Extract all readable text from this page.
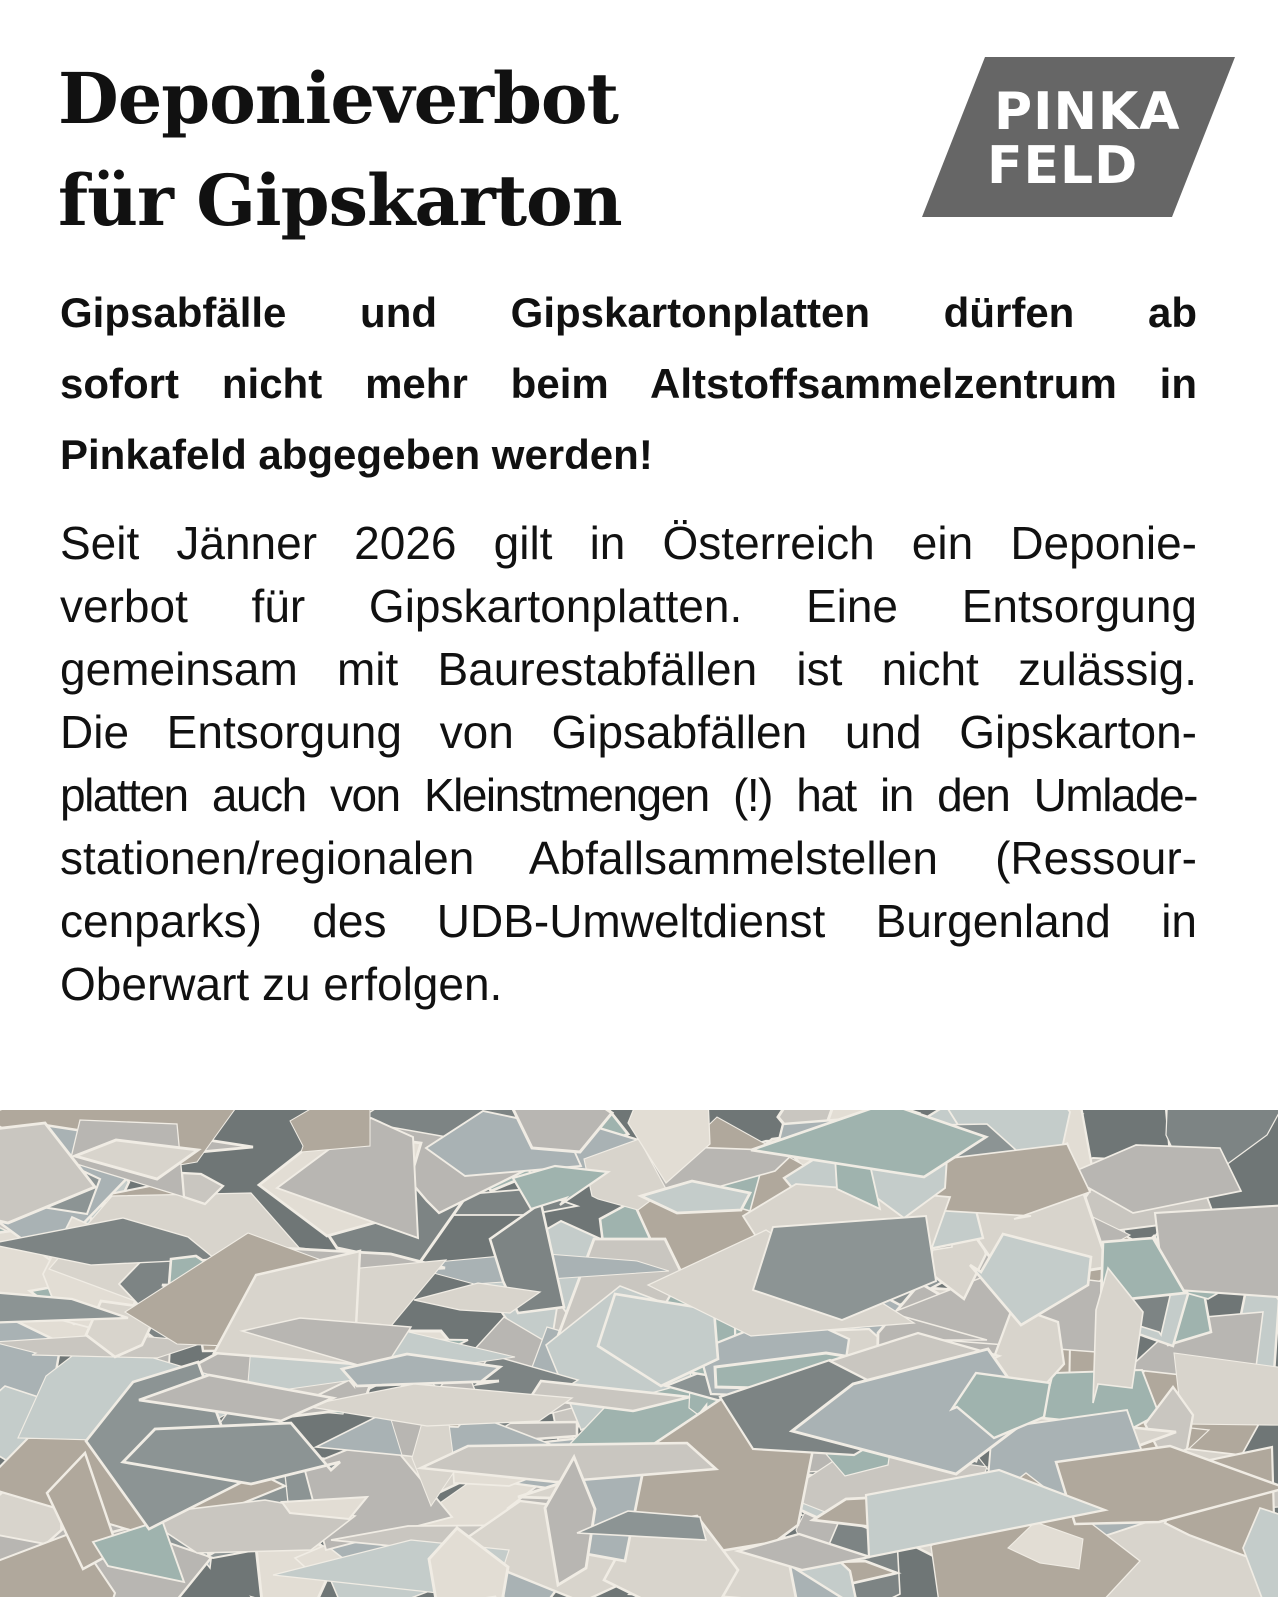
Deponieverbot
für Gipskarton
PINKA
FELD
Gipsabfälle und Gipskartonplatten dürfen ab
sofort nicht mehr beim Altstoffsammelzentrum in
Pinkafeld abgegeben werden!
Seit Jänner 2026 gilt in Österreich ein Deponie-
verbot für Gipskartonplatten. Eine Entsorgung
gemeinsam mit Baurestabfällen ist nicht zulässig.
Die Entsorgung von Gipsabfällen und Gipskarton-
platten auch von Kleinstmengen (!) hat in den Umlade-
stationen/regionalen Abfallsammelstellen (Ressour-
cenparks) des UDB-Umweltdienst Burgenland in
Oberwart zu erfolgen.
